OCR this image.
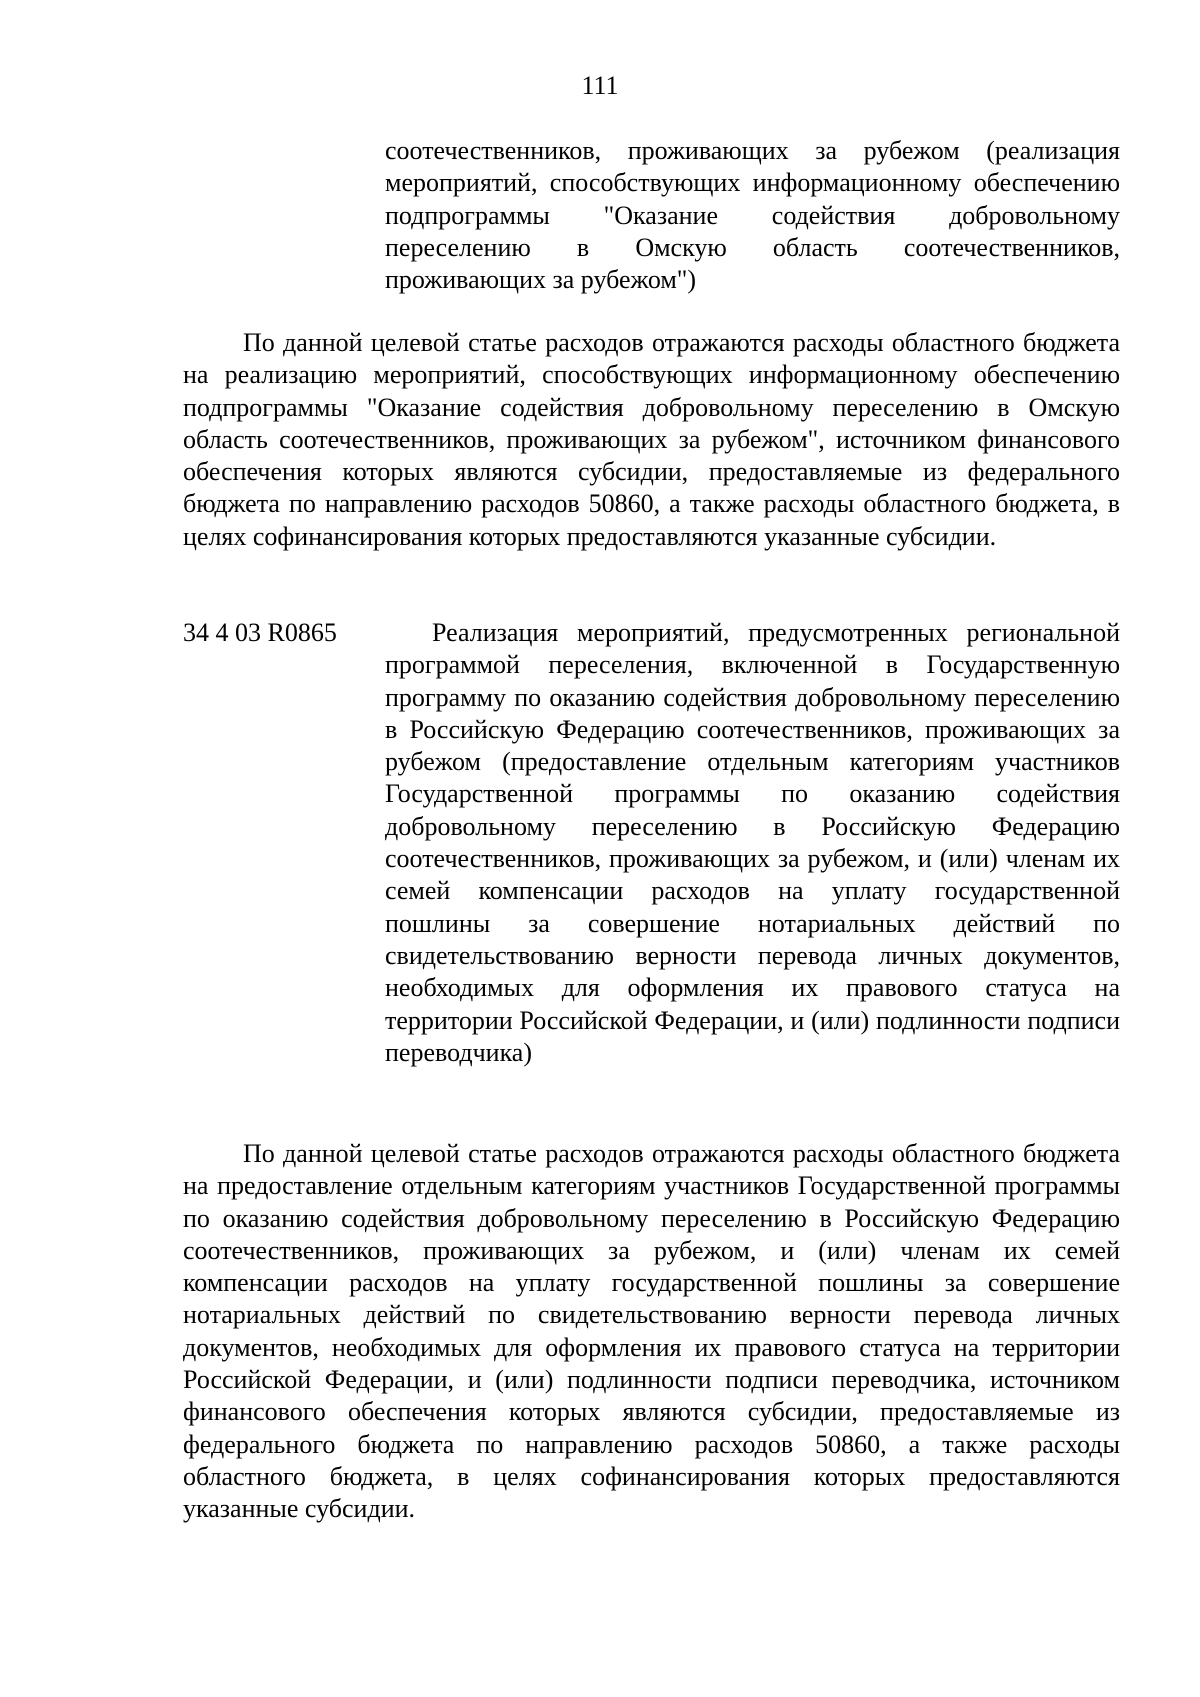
111

соотечественников, проживающих за рубежом (реализация мероприятий, способствующих информационному обеспечению подпрограммы "Оказание содействия добровольному переселению в Омскую область соотечественников, проживающих за рубежом")

По данной целевой статье расходов отражаются расходы областного бюджета на реализацию мероприятий, способствующих информационному обеспечению подпрограммы "Оказание содействия добровольному переселению в Омскую область соотечественников, проживающих за рубежом", источником финансового обеспечения которых являются субсидии, предоставляемые из федерального бюджета по направлению расходов 50860, а также расходы областного бюджета, в целях софинансирования которых предоставляются указанные субсидии.

34 4 03 R0865	Реализация мероприятий, предусмотренных региональной программой переселения, включенной в Государственную программу по оказанию содействия добровольному переселению в Российскую Федерацию соотечественников, проживающих за рубежом (предоставление отдельным категориям участников Государственной программы по оказанию содействия добровольному переселению в Российскую Федерацию соотечественников, проживающих за рубежом, и (или) членам их семей компенсации расходов на уплату государственной пошлины за совершение нотариальных действий по свидетельствованию верности перевода личных документов, необходимых для оформления их правового статуса на территории Российской Федерации, и (или) подлинности подписи переводчика)

По данной целевой статье расходов отражаются расходы областного бюджета на предоставление отдельным категориям участников Государственной программы по оказанию содействия добровольному переселению в Российскую Федерацию соотечественников, проживающих за рубежом, и (или) членам их семей компенсации расходов на уплату государственной пошлины за совершение нотариальных действий по свидетельствованию верности перевода личных документов, необходимых для оформления их правового статуса на территории Российской Федерации, и (или) подлинности подписи переводчика, источником финансового обеспечения которых являются субсидии, предоставляемые из федерального бюджета по направлению расходов 50860, а также расходы областного бюджета, в целях софинансирования которых предоставляются указанные субсидии.
